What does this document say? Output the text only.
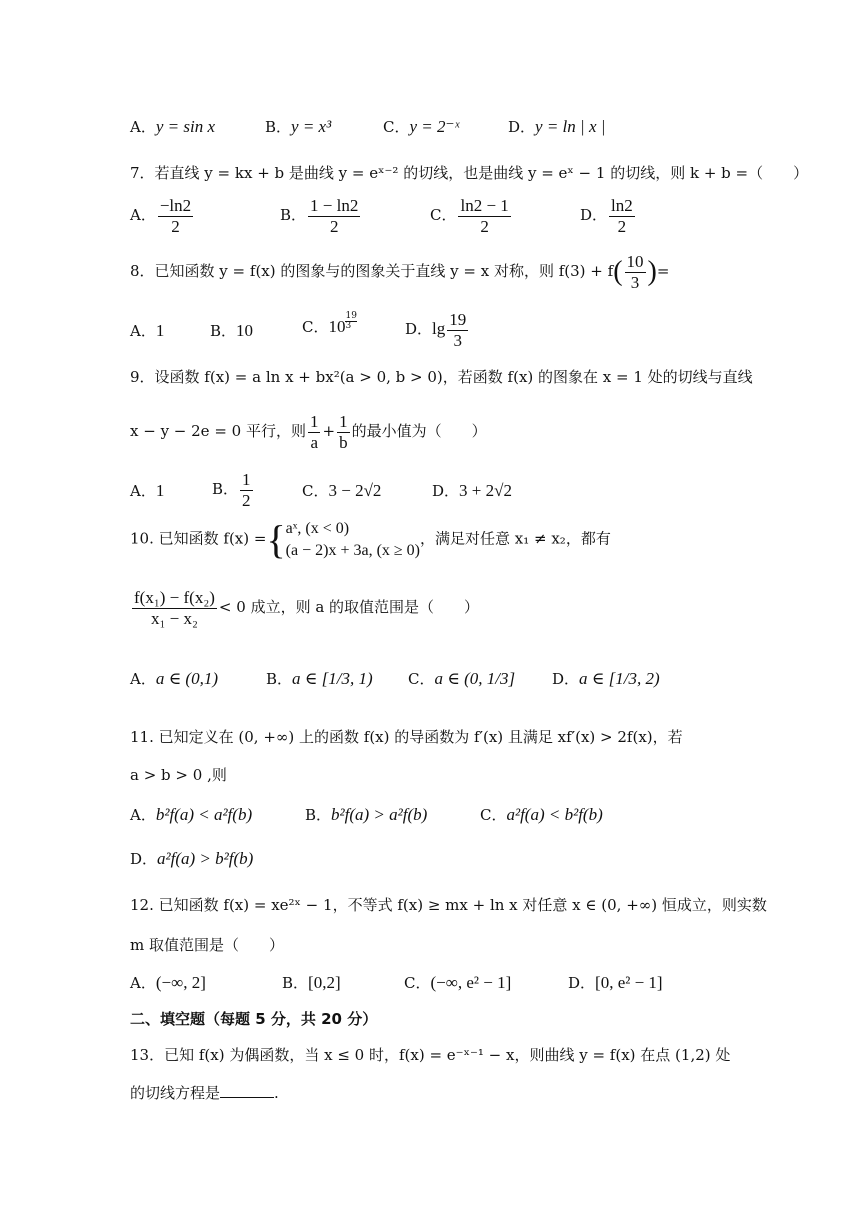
A．y = sin x	B．y = x³	C．y = 2⁻ˣ	D．y = ln | x |
7．若直线 y = kx + b 是曲线 y = eˣ⁻² 的切线，也是曲线 y = eˣ − 1 的切线，则 k + b =（　　）
A． $\frac{-\ln 2}{2}$	B． $\frac{1 - \ln 2}{2}$	C． $\frac{\ln 2 - 1}{2}$	D． $\frac{\ln 2}{2}$
8．已知函数 y = f(x) 的图象与的图象关于直线 y = x 对称，则 $f(3) + f( \frac{10}{3}$ )=
A．1	B．10	C．$10 \frac{19}{3}$	D．$\lg \frac{19}{3}$
9．设函数 f(x) = a ln x + bx²(a > 0, b > 0)，若函数 f(x) 的图象在 x = 1 处的切线与直线
x − y − 2e = 0 平行，则 $\frac{1}{a} + \frac{1}{b}$ 的最小值为（　　）
A．1	B． $\frac{1}{2}$	C．3 − 2√2	D．3 + 2√2
10. 已知函数 f(x) ={ aˣ, (x < 0)
(a − 2)x + 3a, (x ≥ 0)
，满足对任意 x₁ ≠ x₂，都有
$\frac{\text{f(x₁) − f(x₂)}}{\text{x₁ − x₂}} < 0$ 成立，则 a 的取值范围是（　　）
A．a ∈ (0,1)	B．a ∈ [1/3, 1) C．a ∈ (0, 1/3] D．a ∈ [1/3, 2)
11. 已知定义在 (0, +∞) 上的函数 f(x) 的导函数为 f′(x) 且满足 xf′(x) > 2f(x)，若
a > b > 0 ,则
A．b²f(a) < a²f(b)	B．b²f(a) > a²f(b)	C．a²f(a) < b²f(b)
D．a²f(a) > b²f(b)
12. 已知函数 f(x) = xe²ˣ − 1，不等式 f(x) ≥ mx + ln x 对任意 x ∈ (0, +∞) 恒成立，则实数
m 取值范围是（　　）
A．(−∞, 2]	B．[0,2]	C．(−∞, e² − 1]	D．[0, e² − 1]
二、填空题（每题 5 分，共 20 分）
13．已知 f(x) 为偶函数，当 x ≤ 0 时，f(x) = e⁻ˣ⁻¹ − x，则曲线 y = f(x) 在点 (1,2) 处
的切线方程是	.
